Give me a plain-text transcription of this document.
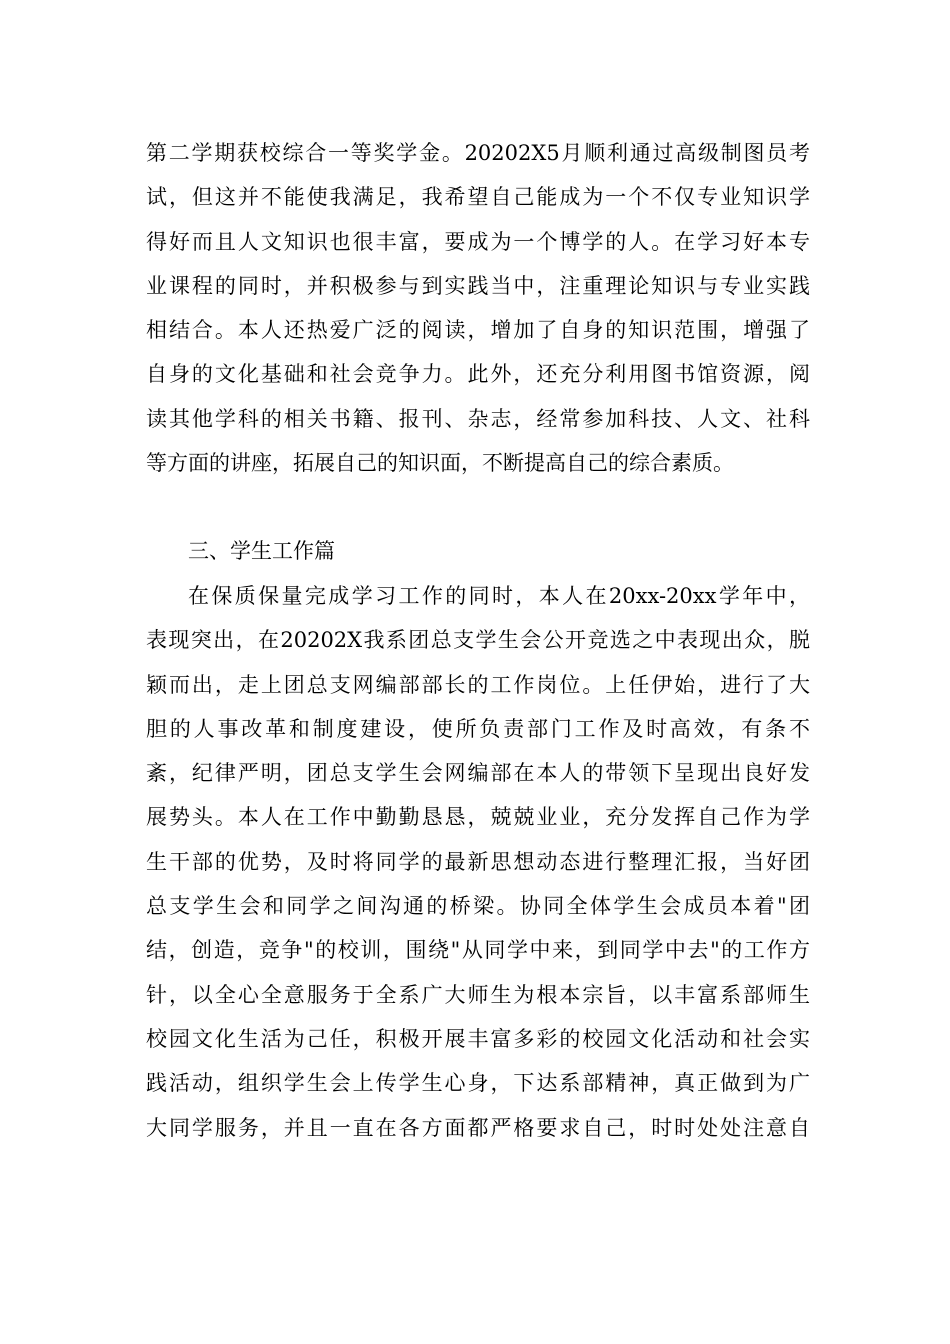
第二学期获校综合一等奖学金。20202X5月顺利通过高级制图员考
试，但这并不能使我满足，我希望自己能成为一个不仅专业知识学
得好而且人文知识也很丰富，要成为一个博学的人。在学习好本专
业课程的同时，并积极参与到实践当中，注重理论知识与专业实践
相结合。本人还热爱广泛的阅读，增加了自身的知识范围，增强了
自身的文化基础和社会竞争力。此外，还充分利用图书馆资源，阅
读其他学科的相关书籍、报刊、杂志，经常参加科技、人文、社科
等方面的讲座，拓展自己的知识面，不断提高自己的综合素质。
三、学生工作篇
在保质保量完成学习工作的同时，本人在20xx-20xx学年中，
表现突出，在20202X我系团总支学生会公开竞选之中表现出众，脱
颖而出，走上团总支网编部部长的工作岗位。上任伊始，进行了大
胆的人事改革和制度建设，使所负责部门工作及时高效，有条不
紊，纪律严明，团总支学生会网编部在本人的带领下呈现出良好发
展势头。本人在工作中勤勤恳恳，兢兢业业，充分发挥自己作为学
生干部的优势，及时将同学的最新思想动态进行整理汇报，当好团
总支学生会和同学之间沟通的桥梁。协同全体学生会成员本着"团
结，创造，竞争"的校训，围绕"从同学中来，到同学中去"的工作方
针，以全心全意服务于全系广大师生为根本宗旨，以丰富系部师生
校园文化生活为己任，积极开展丰富多彩的校园文化活动和社会实
践活动，组织学生会上传学生心身，下达系部精神，真正做到为广
大同学服务，并且一直在各方面都严格要求自己，时时处处注意自
